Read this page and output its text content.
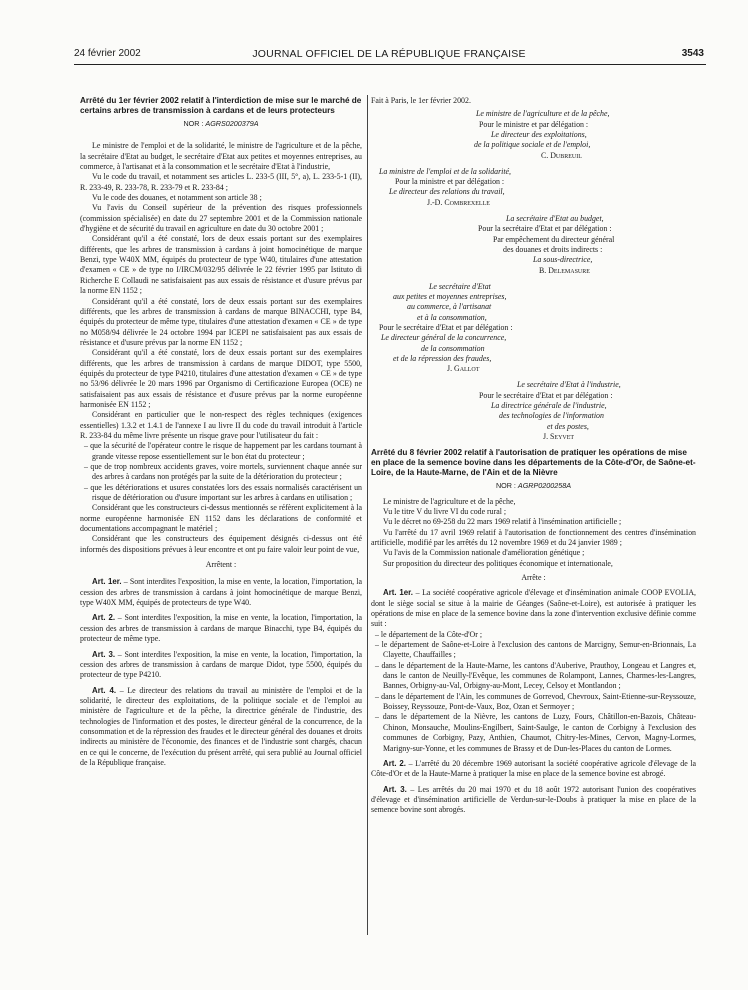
24 février 2002	JOURNAL OFFICIEL DE LA RÉPUBLIQUE FRANÇAISE	3543

Arrêté du 1er février 2002 relatif à l'interdiction de mise sur le marché de certains arbres de transmission à cardans et de leurs protecteurs

NOR : AGRS0200379A

Le ministre de l'emploi et de la solidarité, le ministre de l'agriculture et de la pêche, la secrétaire d'Etat au budget, le secrétaire d'Etat aux petites et moyennes entreprises, au commerce, à l'artisanat et à la consommation et le secrétaire d'Etat à l'industrie,

Vu le code du travail, et notamment ses articles L. 233-5 (III, 5°, a), L. 233-5-1 (II), R. 233-49, R. 233-78, R. 233-79 et R. 233-84 ;

Vu le code des douanes, et notamment son article 38 ;

Vu l'avis du Conseil supérieur de la prévention des risques professionnels (commission spécialisée) en date du 27 septembre 2001 et de la Commission nationale d'hygiène et de sécurité du travail en agriculture en date du 30 octobre 2001 ;

Considérant qu'il a été constaté, lors de deux essais portant sur des exemplaires différents, que les arbres de transmission à cardans à joint homocinétique de marque Benzi, type W40X MM, équipés du protecteur de type W40, titulaires d'une attestation d'examen « CE » de type no I/IRCM/032/95 délivrée le 22 février 1995 par Istituto di Richerche E Collaudi ne satisfaisaient pas aux essais de résistance et d'usure prévus par la norme EN 1152 ;

Considérant qu'il a été constaté, lors de deux essais portant sur des exemplaires différents, que les arbres de transmission à cardans de marque BINACCHI, type B4, équipés du protecteur de même type, titulaires d'une attestation d'examen « CE » de type no M058/94 délivrée le 24 octobre 1994 par ICEPI ne satisfaisaient pas aux essais de résistance et d'usure prévus par la norme EN 1152 ;

Considérant qu'il a été constaté, lors de deux essais portant sur des exemplaires différents, que les arbres de transmission à cardans de marque DIDOT, type 5500, équipés du protecteur de type P4210, titulaires d'une attestation d'examen « CE » de type no 53/96 délivrée le 20 mars 1996 par Organismo di Certificazione Europea (OCE) ne satisfaisaient pas aux essais de résistance et d'usure prévus par la norme européenne harmonisée EN 1152 ;

Considérant en particulier que le non-respect des règles techniques (exigences essentielles) 1.3.2 et 1.4.1 de l'annexe I au livre II du code du travail introduit à l'article R. 233-84 du même livre présente un risque grave pour l'utilisateur du fait :

– que la sécurité de l'opérateur contre le risque de happement par les cardans tournant à grande vitesse repose essentiellement sur le bon état du protecteur ;
– que de trop nombreux accidents graves, voire mortels, surviennent chaque année sur des arbres à cardans non protégés par la suite de la détérioration du protecteur ;
– que les détériorations et usures constatées lors des essais normalisés caractérisent un risque de détérioration ou d'usure important sur les arbres à cardans en utilisation ;

Considérant que les constructeurs ci-dessus mentionnés se réfèrent explicitement à la norme européenne harmonisée EN 1152 dans les déclarations de conformité et documentations accompagnant le matériel ;

Considérant que les constructeurs des équipement désignés ci-dessus ont été informés des dispositions prévues à leur encontre et ont pu faire valoir leur point de vue,

Arrêtent :

Art. 1er. – Sont interdites l'exposition, la mise en vente, la location, l'importation, la cession des arbres de transmission à cardans à joint homocinétique de marque Benzi, type W40X MM, équipés de protecteurs de type W40.

Art. 2. – Sont interdites l'exposition, la mise en vente, la location, l'importation, la cession des arbres de transmission à cardans de marque Binacchi, type B4, équipés du protecteur de même type.

Art. 3. – Sont interdites l'exposition, la mise en vente, la location, l'importation, la cession des arbres de transmission à cardans de marque Didot, type 5500, équipés du protecteur de type P4210.

Art. 4. – Le directeur des relations du travail au ministère de l'emploi et de la solidarité, le directeur des exploitations, de la politique sociale et de l'emploi au ministère de l'agriculture et de la pêche, la directrice générale de l'industrie, des technologies de l'information et des postes, le directeur général de la concurrence, de la consommation et de la répression des fraudes et le directeur général des douanes et droits indirects au ministère de l'économie, des finances et de l'industrie sont chargés, chacun en ce qui le concerne, de l'exécution du présent arrêté, qui sera publié au Journal officiel de la République française.

Fait à Paris, le 1er février 2002.

Le ministre de l'agriculture et de la pêche,
Pour le ministre et par délégation :
Le directeur des exploitations,
de la politique sociale et de l'emploi,
C. Dubreuil
La ministre de l'emploi et de la solidarité,
Pour la ministre et par délégation :
Le directeur des relations du travail,
J.-D. Combrexelle
La secrétaire d'Etat au budget,
Pour la secrétaire d'Etat et par délégation :
Par empêchement du directeur général
des douanes et droits indirects :
La sous-directrice,
B. Delemasure
Le secrétaire d'Etat
aux petites et moyennes entreprises,
au commerce, à l'artisanat
et à la consommation,
Pour le secrétaire d'Etat et par délégation :
Le directeur général de la concurrence,
de la consommation
et de la répression des fraudes,
J. Gallot
Le secrétaire d'Etat à l'industrie,
Pour le secrétaire d'Etat et par délégation :
La directrice générale de l'industrie,
des technologies de l'information
et des postes,
J. Seyvet

Arrêté du 8 février 2002 relatif à l'autorisation de pratiquer les opérations de mise en place de la semence bovine dans les départements de la Côte-d'Or, de Saône-et-Loire, de la Haute-Marne, de l'Ain et de la Nièvre

NOR : AGRP0200258A

Le ministre de l'agriculture et de la pêche,

Vu le titre V du livre VI du code rural ;

Vu le décret no 69-258 du 22 mars 1969 relatif à l'insémination artificielle ;

Vu l'arrêté du 17 avril 1969 relatif à l'autorisation de fonctionnement des centres d'insémination artificielle, modifié par les arrêtés du 12 novembre 1969 et du 24 janvier 1989 ;

Vu l'avis de la Commission nationale d'amélioration génétique ;

Sur proposition du directeur des politiques économique et internationale,

Arrête :

Art. 1er. – La société coopérative agricole d'élevage et d'insémination animale COOP EVOLIA, dont le siège social se situe à la mairie de Géanges (Saône-et-Loire), est autorisée à pratiquer les opérations de mise en place de la semence bovine dans la zone d'intervention exclusive définie comme suit :

– le département de la Côte-d'Or ;
– le département de Saône-et-Loire à l'exclusion des cantons de Marcigny, Semur-en-Brionnais, La Clayette, Chauffailles ;
– dans le département de la Haute-Marne, les cantons d'Auberive, Prauthoy, Longeau et Langres et, dans le canton de Neuilly-l'Evêque, les communes de Rolampont, Lannes, Charmes-les-Langres, Bannes, Orbigny-au-Val, Orbigny-au-Mont, Lecey, Celsoy et Montlandon ;
– dans le département de l'Ain, les communes de Gorrevod, Chevroux, Saint-Etienne-sur-Reyssouze, Boissey, Reyssouze, Pont-de-Vaux, Boz, Ozan et Sermoyer ;
– dans le département de la Nièvre, les cantons de Luzy, Fours, Châtillon-en-Bazois, Château-Chinon, Monsauche, Moulins-Engilbert, Saint-Saulge, le canton de Corbigny à l'exclusion des communes de Corbigny, Pazy, Anthien, Chaumot, Chitry-les-Mines, Cervon, Magny-Lormes, Marigny-sur-Yonne, et les communes de Brassy et de Dun-les-Places du canton de Lormes.

Art. 2. – L'arrêté du 20 décembre 1969 autorisant la société coopérative agricole d'élevage de la Côte-d'Or et de la Haute-Marne à pratiquer la mise en place de la semence bovine est abrogé.

Art. 3. – Les arrêtés du 20 mai 1970 et du 18 août 1972 autorisant l'union des coopératives d'élevage et d'insémination artificielle de Verdun-sur-le-Doubs à pratiquer la mise en place de la semence bovine sont abrogés.
